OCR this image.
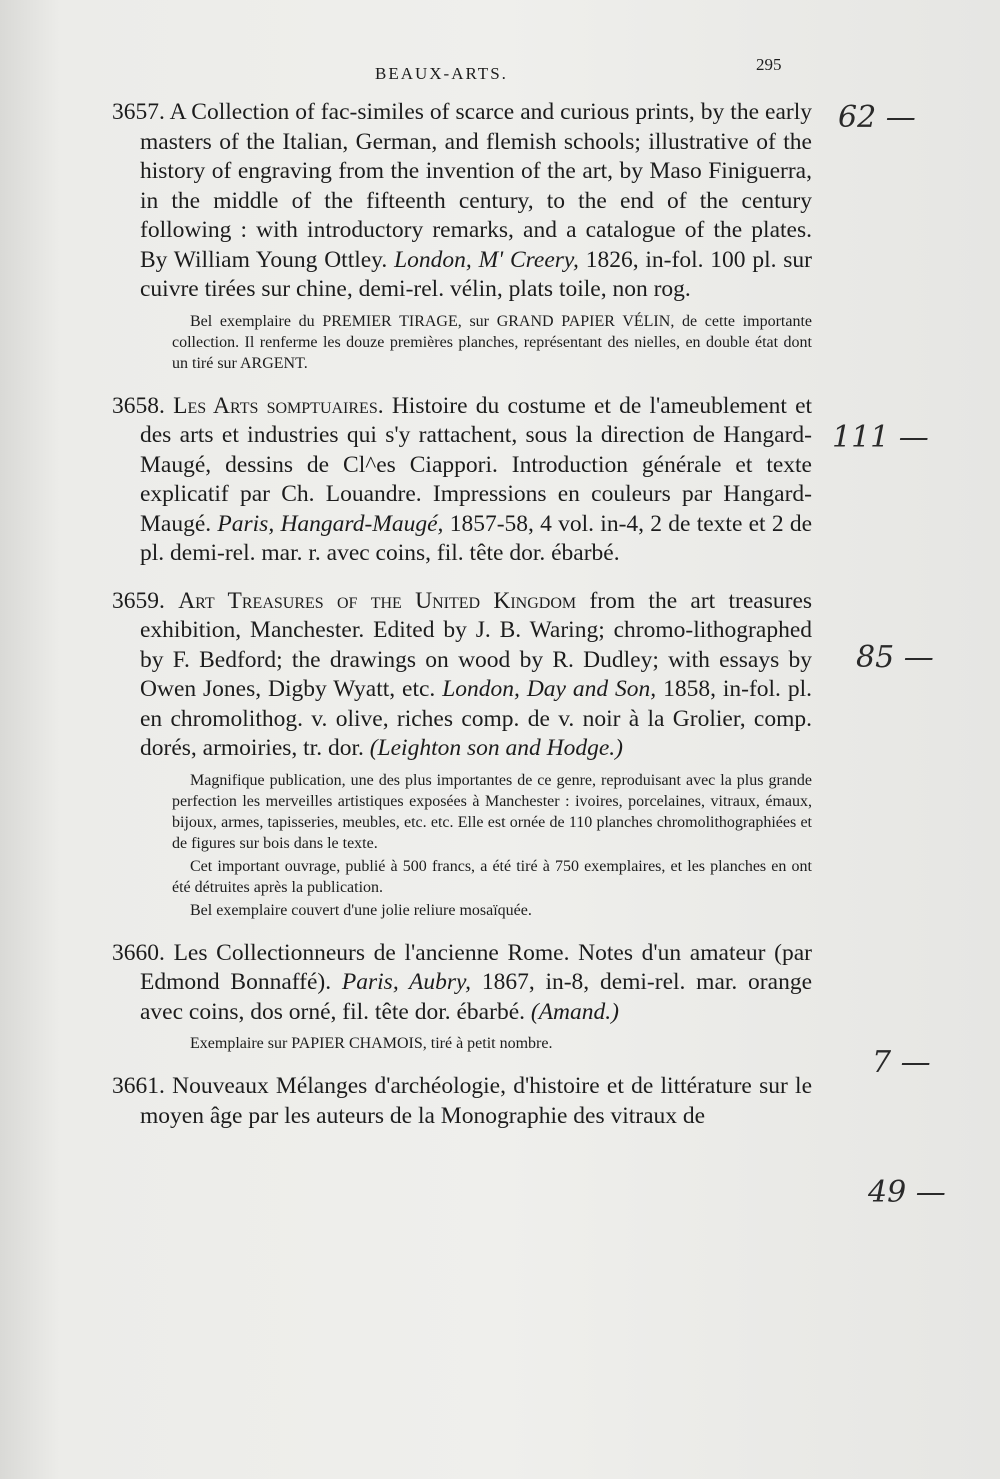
BEAUX-ARTS.	295

3657. A Collection of fac-similes of scarce and curious prints, by the early masters of the Italian, German, and flemish schools; illustrative of the history of engraving from the invention of the art, by Maso Finiguerra, in the middle of the fifteenth century, to the end of the century following : with introductory remarks, and a catalogue of the plates. By William Young Ottley. London, M' Creery, 1826, in-fol. 100 pl. sur cuivre tirées sur chine, demi-rel. vélin, plats toile, non rog.

Bel exemplaire du PREMIER TIRAGE, sur GRAND PAPIER VÉLIN, de cette importante collection. Il renferme les douze premières planches, représentant des nielles, en double état dont un tiré sur ARGENT.

3658. Les Arts somptuaires. Histoire du costume et de l'ameublement et des arts et industries qui s'y rattachent, sous la direction de Hangard-Maugé, dessins de Cl^es Ciappori. Introduction générale et texte explicatif par Ch. Louandre. Impressions en couleurs par Hangard-Maugé. Paris, Hangard-Maugé, 1857-58, 4 vol. in-4, 2 de texte et 2 de pl. demi-rel. mar. r. avec coins, fil. tête dor. ébarbé.

3659. Art Treasures of the United Kingdom from the art treasures exhibition, Manchester. Edited by J. B. Waring; chromo-lithographed by F. Bedford; the drawings on wood by R. Dudley; with essays by Owen Jones, Digby Wyatt, etc. London, Day and Son, 1858, in-fol. pl. en chromolithog. v. olive, riches comp. de v. noir à la Grolier, comp. dorés, armoiries, tr. dor. (Leighton son and Hodge.)

Magnifique publication, une des plus importantes de ce genre, reproduisant avec la plus grande perfection les merveilles artistiques exposées à Manchester : ivoires, porcelaines, vitraux, émaux, bijoux, armes, tapisseries, meubles, etc. etc. Elle est ornée de 110 planches chromolithographiées et de figures sur bois dans le texte.

Cet important ouvrage, publié à 500 francs, a été tiré à 750 exemplaires, et les planches en ont été détruites après la publication.

Bel exemplaire couvert d'une jolie reliure mosaïquée.

3660. Les Collectionneurs de l'ancienne Rome. Notes d'un amateur (par Edmond Bonnaffé). Paris, Aubry, 1867, in-8, demi-rel. mar. orange avec coins, dos orné, fil. tête dor. ébarbé. (Amand.)

Exemplaire sur PAPIER CHAMOIS, tiré à petit nombre.

3661. Nouveaux Mélanges d'archéologie, d'histoire et de littérature sur le moyen âge par les auteurs de la Monographie des vitraux de

62 —
111 —
85 —
7 —
49 —
